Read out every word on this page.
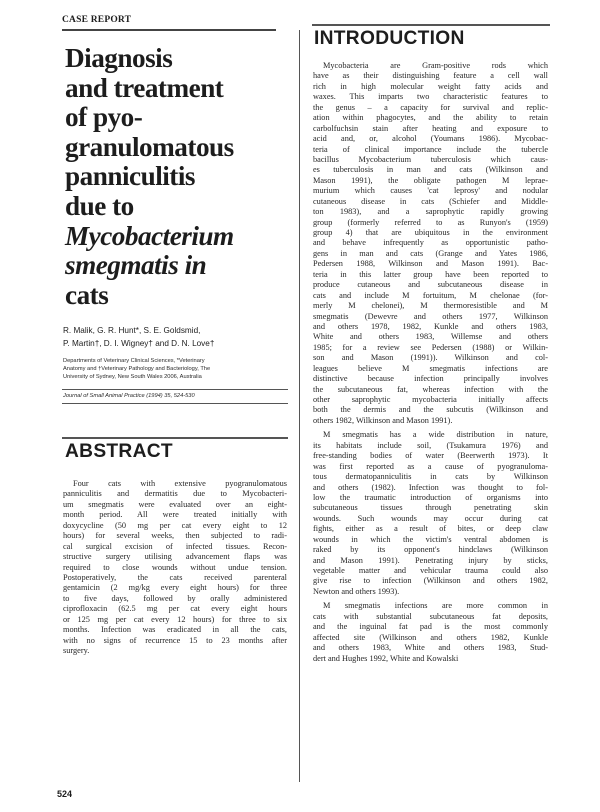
CASE REPORT
Diagnosis
and treatment
of pyo-
granulomatous
panniculitis
due to
Mycobacterium
smegmatis in
cats
R. Malik, G. R. Hunt*, S. E. Goldsmid,
P. Martin†, D. I. Wigney† and D. N. Love†
Departments of Veterinary Clinical Sciences, *Veterinary
Anatomy and †Veterinary Pathology and Bacteriology, The
University of Sydney, New South Wales 2006, Australia
Journal of Small Animal Practice (1994) 35, 524-530
ABSTRACT
Four cats with extensive pyogranulomatous
panniculitis and dermatitis due to Mycobacteri-
um smegmatis were evaluated over an eight-
month period. All were treated initially with
doxycycline (50 mg per cat every eight to 12
hours) for several weeks, then subjected to radi-
cal surgical excision of infected tissues. Recon-
structive surgery utilising advancement flaps was
required to close wounds without undue tension.
Postoperatively, the cats received parenteral
gentamicin (2 mg/kg every eight hours) for three
to five days, followed by orally administered
ciprofloxacin (62.5 mg per cat every eight hours
or 125 mg per cat every 12 hours) for three to six
months. Infection was eradicated in all the cats,
with no signs of recurrence 15 to 23 months after
surgery.
INTRODUCTION
Mycobacteria are Gram-positive rods which
have as their distinguishing feature a cell wall
rich in high molecular weight fatty acids and
waxes. This imparts two characteristic features to
the genus – a capacity for survival and replic-
ation within phagocytes, and the ability to retain
carbolfuchsin stain after heating and exposure to
acid and, or, alcohol (Youmans 1986). Mycobac-
teria of clinical importance include the tubercle
bacillus Mycobacterium tuberculosis which caus-
es tuberculosis in man and cats (Wilkinson and
Mason 1991), the obligate pathogen M lepraе-
murium which causes 'cat leprosy' and nodular
cutaneous disease in cats (Schiefer and Middle-
ton 1983), and a saprophytic rapidly growing
group (formerly referred to as Runyon's (1959)
group 4) that are ubiquitous in the environment
and behave infrequently as opportunistic patho-
gens in man and cats (Grange and Yates 1986,
Pedersen 1988, Wilkinson and Mason 1991). Bac-
teria in this latter group have been reported to
produce cutaneous and subcutaneous disease in
cats and include M fortuitum, M chelonae (for-
merly M chelonei), M thermoresistible and M
smegmatis (Dewevre and others 1977, Wilkinson
and others 1978, 1982, Kunkle and others 1983,
White and others 1983, Willemse and others
1985; for a review see Pedersen (1988) or Wilkin-
son and Mason (1991)). Wilkinson and col-
leagues believe M smegmatis infections are
distinctive because infection principally involves
the subcutaneous fat, whereas infection with the
other saprophytic mycobacteria initially affects
both the dermis and the subcutis (Wilkinson and
others 1982, Wilkinson and Mason 1991).
M smegmatis has a wide distribution in nature,
its habitats include soil, (Tsukamura 1976) and
free-standing bodies of water (Beerwerth 1973). It
was first reported as a cause of pyogranuloma-
tous dermatopanniculitis in cats by Wilkinson
and others (1982). Infection was thought to fol-
low the traumatic introduction of organisms into
subcutaneous tissues through penetrating skin
wounds. Such wounds may occur during cat
fights, either as a result of bites, or deep claw
wounds in which the victim's ventral abdomen is
raked by its opponent's hindclaws (Wilkinson
and Mason 1991). Penetrating injury by sticks,
vegetable matter and vehicular trauma could also
give rise to infection (Wilkinson and others 1982,
Newton and others 1993).
M smegmatis infections are more common in
cats with substantial subcutaneous fat deposits,
and the inguinal fat pad is the most commonly
affected site (Wilkinson and others 1982, Kunkle
and others 1983, White and others 1983, Stud-
dert and Hughes 1992, White and Kowalski
524
